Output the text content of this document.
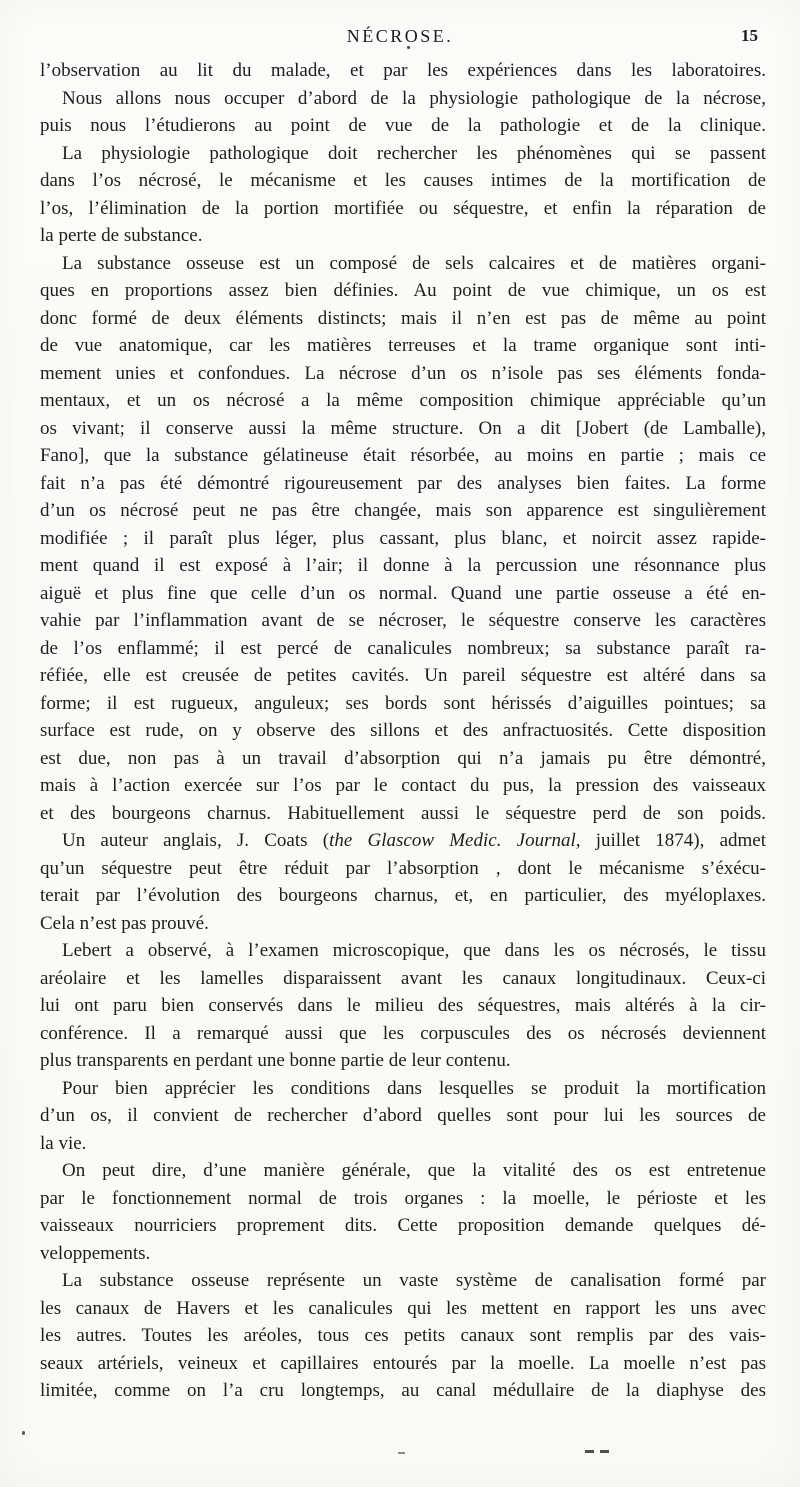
NÉCROSE.	15
l’observation au lit du malade, et par les expériences dans les laboratoires.
Nous allons nous occuper d’abord de la physiologie pathologique de la nécrose,
puis nous l’étudierons au point de vue de la pathologie et de la clinique.
La physiologie pathologique doit rechercher les phénomènes qui se passent
dans l’os nécrosé, le mécanisme et les causes intimes de la mortification de
l’os, l’élimination de la portion mortifiée ou séquestre, et enfin la réparation de
la perte de substance.
La substance osseuse est un composé de sels calcaires et de matières organi-
ques en proportions assez bien définies. Au point de vue chimique, un os est
donc formé de deux éléments distincts; mais il n’en est pas de même au point
de vue anatomique, car les matières terreuses et la trame organique sont inti-
mement unies et confondues. La nécrose d’un os n’isole pas ses éléments fonda-
mentaux, et un os nécrosé a la même composition chimique appréciable qu’un
os vivant; il conserve aussi la même structure. On a dit [Jobert (de Lamballe),
Fano], que la substance gélatineuse était résorbée, au moins en partie ; mais ce
fait n’a pas été démontré rigoureusement par des analyses bien faites. La forme
d’un os nécrosé peut ne pas être changée, mais son apparence est singulièrement
modifiée ; il paraît plus léger, plus cassant, plus blanc, et noircit assez rapide-
ment quand il est exposé à l’air; il donne à la percussion une résonnance plus
aiguë et plus fine que celle d’un os normal. Quand une partie osseuse a été en-
vahie par l’inflammation avant de se nécroser, le séquestre conserve les caractères
de l’os enflammé; il est percé de canalicules nombreux; sa substance paraît ra-
réfiée, elle est creusée de petites cavités. Un pareil séquestre est altéré dans sa
forme; il est rugueux, anguleux; ses bords sont hérissés d’aiguilles pointues; sa
surface est rude, on y observe des sillons et des anfractuosités. Cette disposition
est due, non pas à un travail d’absorption qui n’a jamais pu être démontré,
mais à l’action exercée sur l’os par le contact du pus, la pression des vaisseaux
et des bourgeons charnus. Habituellement aussi le séquestre perd de son poids.
Un auteur anglais, J. Coats (the Glascow Medic. Journal, juillet 1874), admet
qu’un séquestre peut être réduit par l’absorption , dont le mécanisme s’éxécu-
terait par l’évolution des bourgeons charnus, et, en particulier, des myéloplaxes.
Cela n’est pas prouvé.
Lebert a observé, à l’examen microscopique, que dans les os nécrosés, le tissu
aréolaire et les lamelles disparaissent avant les canaux longitudinaux. Ceux-ci
lui ont paru bien conservés dans le milieu des séquestres, mais altérés à la cir-
conférence. Il a remarqué aussi que les corpuscules des os nécrosés deviennent
plus transparents en perdant une bonne partie de leur contenu.
Pour bien apprécier les conditions dans lesquelles se produit la mortification
d’un os, il convient de rechercher d’abord quelles sont pour lui les sources de
la vie.
On peut dire, d’une manière générale, que la vitalité des os est entretenue
par le fonctionnement normal de trois organes : la moelle, le périoste et les
vaisseaux nourriciers proprement dits. Cette proposition demande quelques dé-
veloppements.
La substance osseuse représente un vaste système de canalisation formé par
les canaux de Havers et les canalicules qui les mettent en rapport les uns avec
les autres. Toutes les aréoles, tous ces petits canaux sont remplis par des vais-
seaux artériels, veineux et capillaires entourés par la moelle. La moelle n’est pas
limitée, comme on l’a cru longtemps, au canal médullaire de la diaphyse des
